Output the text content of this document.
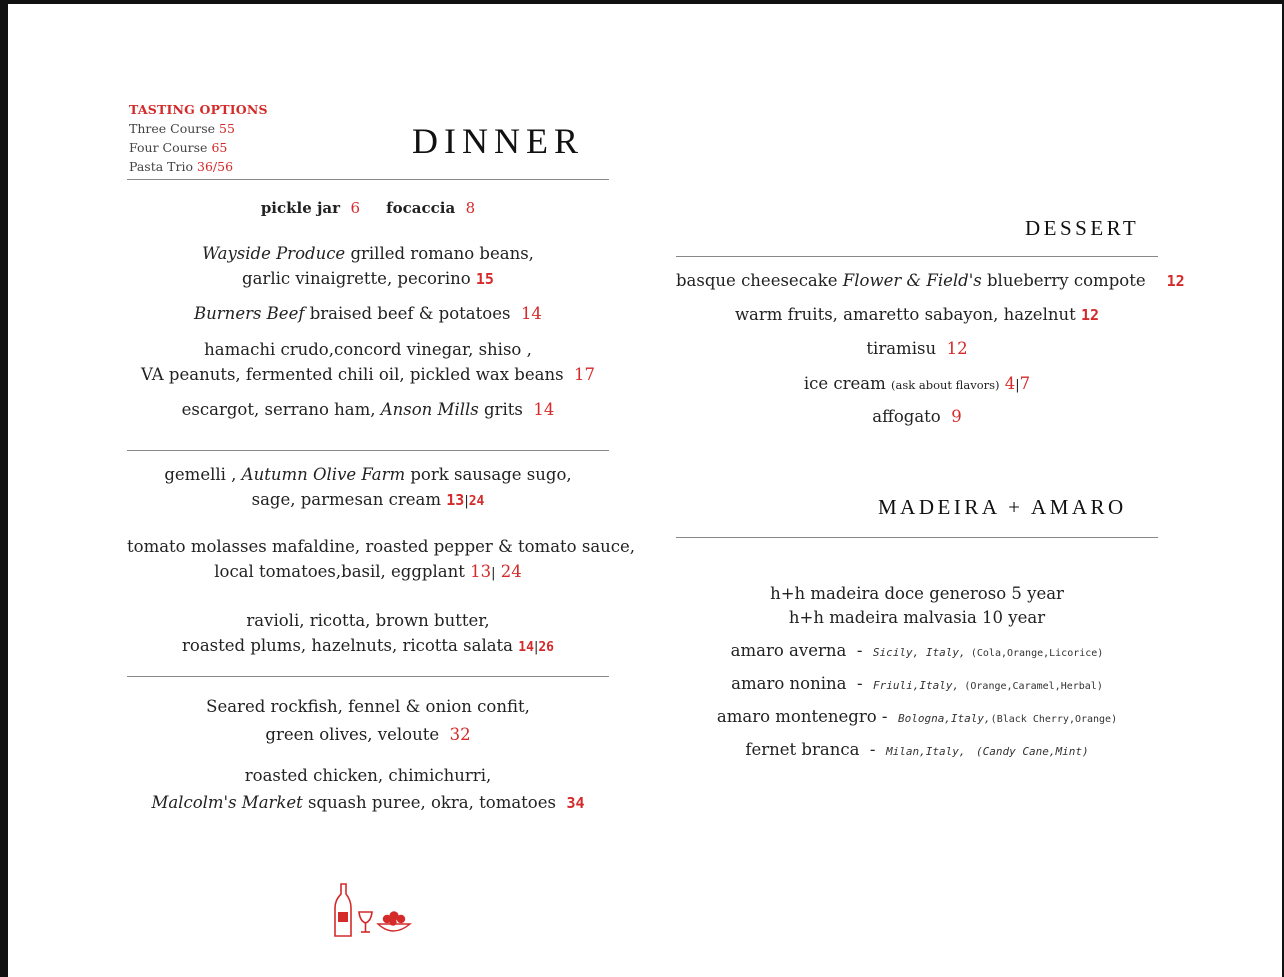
TASTING OPTIONS
Three Course 55
Four Course 65
Pasta Trio 36/56
DINNER
pickle jar 6 focaccia 8
Wayside Produce grilled romano beans,
garlic vinaigrette, pecorino 15
Burners Beef braised beef & potatoes 14
hamachi crudo,concord vinegar, shiso ,
VA peanuts, fermented chili oil, pickled wax beans 17
escargot, serrano ham, Anson Mills grits 14
gemelli , Autumn Olive Farm pork sausage sugo,
sage, parmesan cream 13|24
tomato molasses mafaldine, roasted pepper & tomato sauce,
local tomatoes,basil, eggplant 13| 24
ravioli, ricotta, brown butter,
roasted plums, hazelnuts, ricotta salata 14|26
Seared rockfish, fennel & onion confit,
green olives, veloute 32
roasted chicken, chimichurri,
Malcolm's Market squash puree, okra, tomatoes 34
DESSERT
basque cheesecake Flower & Field's blueberry compote 12
warm fruits, amaretto sabayon, hazelnut 12
tiramisu 12
ice cream (ask about flavors) 4|7
affogato 9
MADEIRA + AMARO
h+h madeira doce generoso 5 year
h+h madeira malvasia 10 year
amaro averna  -  Sicily, Italy, (Cola,Orange,Licorice)
amaro nonina  -  Friuli,Italy, (Orange,Caramel,Herbal)
amaro montenegro -  Bologna,Italy,(Black Cherry,Orange)
fernet branca  -  Milan,Italy, (Candy Cane,Mint)
